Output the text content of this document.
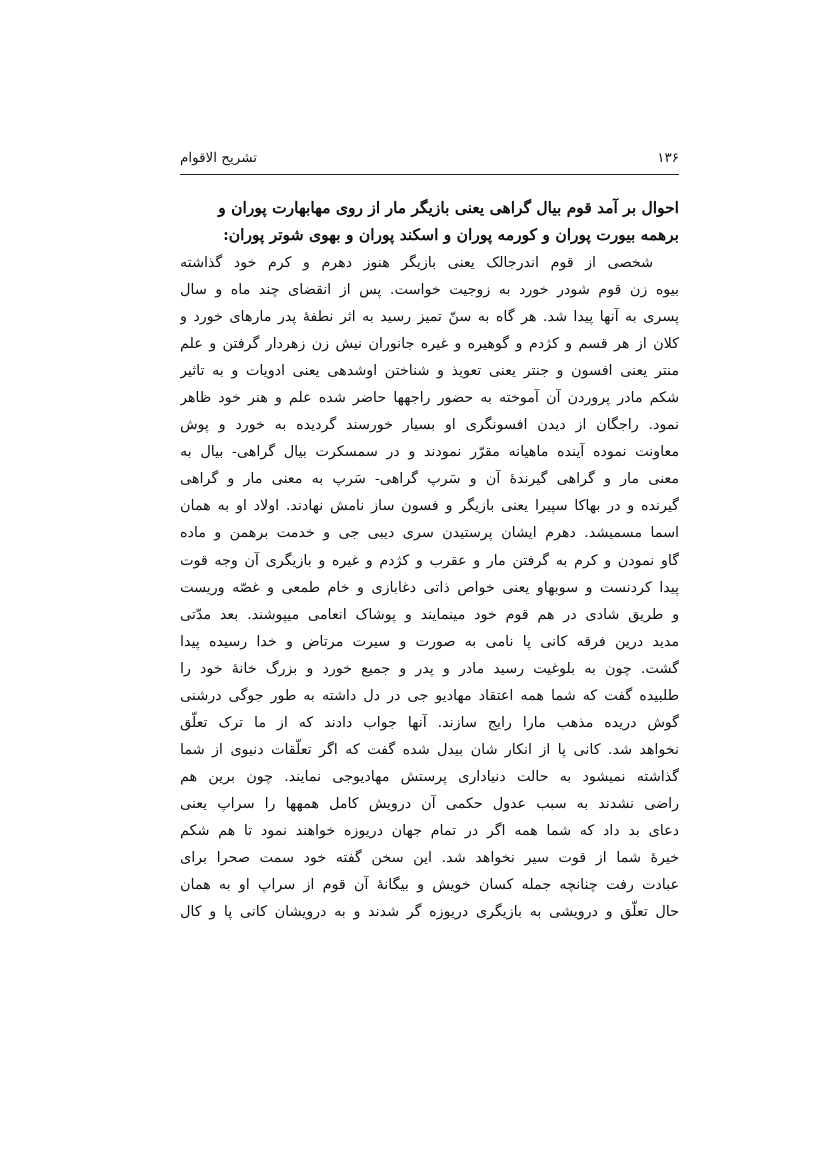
۱۳۶
تشریح الاقوام
احوال بر آمد قوم بیال گراهی یعنی بازیگر مار از روی مهابهارت پوران و
برهمه بیورت پوران و کورمه پوران و اسکند پوران و بهوی شوتر پوران:
شخصی از قوم اندرجالک یعنی بازیگر هنوز دهرم و کرم خود گذاشته
بیوه زن قوم شودر خورد به زوجیت خواست. پس از انقضای چند ماه و سال
پسری به آنها پیدا شد. هر گاه به سنّ تمیز رسید به اثر نطفهٔ پدر مارهای خورد و
کلان از هر قسم و کژدم و گوهیره و غیره جانوران نیش زن زهردار گرفتن و علم
منتر یعنی افسون و جنتر یعنی تعویذ و شناختن اوشدهی یعنی ادویات و به تاثیر
شکم مادر پروردن آن آموخته به حضور راجهها حاضر شده علم و هنر خود ظاهر
نمود. راجگان از دیدن افسونگری او بسیار خورسند گردیده به خورد و پوش
معاونت نموده آینده ماهیانه مقرّر نمودند و در سمسکرت بیال گراهی- بیال به
معنی مار و گراهی گیرندهٔ آن و سَرپ گراهی- سَرپ به معنی مار و گراهی
گیرنده و در بهاکا سپیرا یعنی بازیگر و فسون ساز نامش نهادند. اولاد او به همان
اسما مسمیشد. دهرم ایشان پرستیدن سری دیبی جی و خدمت برهمن و ماده
گاو نمودن و کرم به گرفتن مار و عقرب و کژدم و غیره و بازیگری آن وجه قوت
پیدا کردنست و سوبهاو یعنی خواص ذاتی دغابازی و خام طمعی و غصّه وریست
و طریق شادی در هم قوم خود مینمایند و پوشاک انعامی میپوشند. بعد مدّتی
مدید درین فرقه کانی پا نامی به صورت و سیرت مرتاض و خدا رسیده پیدا
گشت. چون به بلوغیت رسید مادر و پدر و جمیع خورد و بزرگ خانهٔ خود را
طلبیده گفت که شما همه اعتقاد مهادیو جی در دل داشته به طور جوگی درشنی
گوش دریده مذهب مارا رایج سازند. آنها جواب دادند که از ما ترک تعلّق
نخواهد شد. کانی پا از انکار شان بیدل شده گفت که اگر تعلّقات دنیوی از شما
گذاشته نمیشود به حالت دنیاداری پرستش مهادیوجی نمایند. چون برین هم
راضی نشدند به سبب عدول حکمی آن درویش کامل همهها را سراپ یعنی
دعای بد داد که شما همه اگر در تمام جهان دریوزه خواهند نمود تا هم شکم
خیرهٔ شما از قوت سیر نخواهد شد. این سخن گفته خود سمت صحرا برای
عبادت رفت چنانچه جمله کسان خویش و بیگانهٔ آن قوم از سراپ او به همان
حال تعلّق و درویشی به بازیگری دریوزه گر شدند و به درویشان کانی پا و کال
